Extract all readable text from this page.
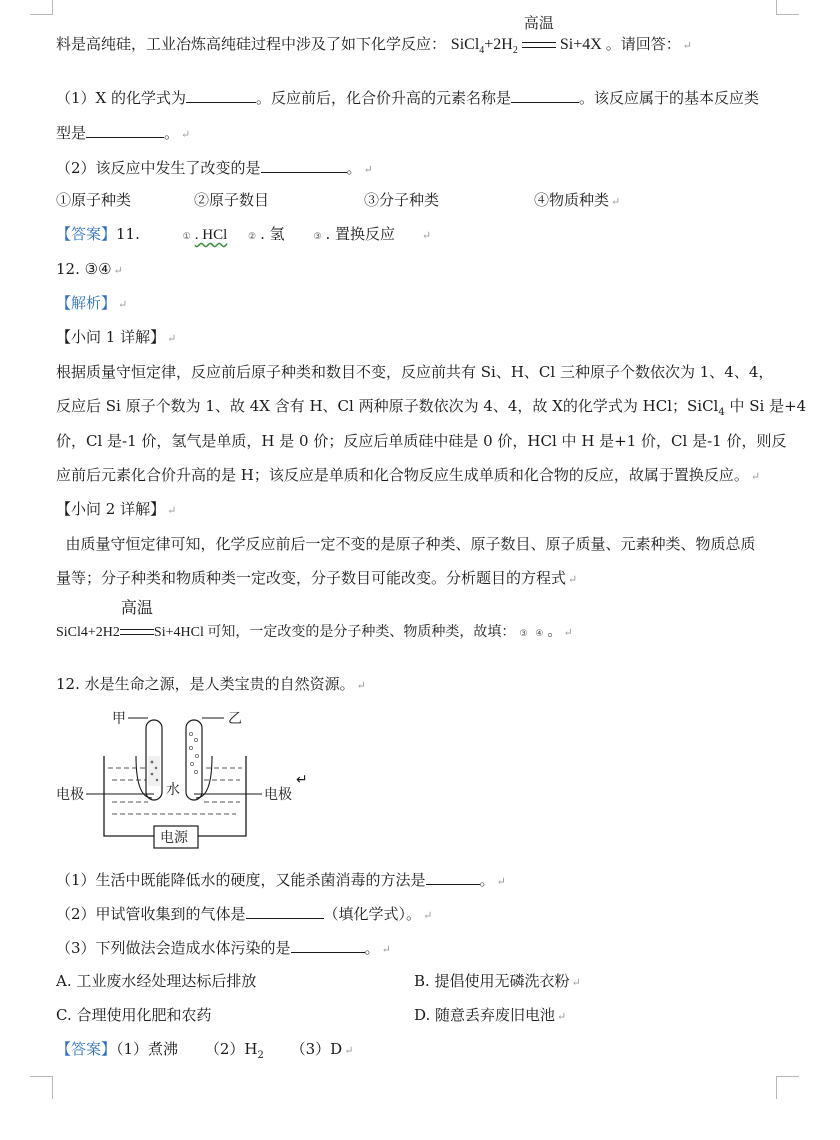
料是高纯硅，工业冶炼高纯硅过程中涉及了如下化学反应： $SiCl_4+2H_2$
高温
Si+4X 。请回答： ↵
（1）X 的化学式为	。反应前后，化合价升高的元素名称是	。该反应属于的基本反应类
型是	。 ↵
（2）该反应中发生了改变的是	。 ↵
①原子种类	②原子数目	③分子种类	④物质种类 ↵
【答案】11.	① . HCl ② . 氢	③ . 置换反应 ↵
12. ③④ ↵
【解析】 ↵
【小问 1 详解】 ↵
根据质量守恒定律，反应前后原子种类和数目不变，反应前共有 Si、H、Cl 三种原子个数依次为 1、4、4，
反应后 Si 原子个数为 1、故 4X 含有 H、Cl 两种原子数依次为 4、4，故 X的化学式为 HCl；SiCl$_4$ 中 Si 是+4
价，Cl 是-1 价，氢气是单质，H 是 0 价；反应后单质硅中硅是 0 价，HCl 中 H 是+1 价，Cl 是-1 价，则反
应前后元素化合价升高的是 H；该反应是单质和化合物反应生成单质和化合物的反应，故属于置换反应。 ↵
【小问 2 详解】 ↵
由质量守恒定律可知，化学反应前后一定不变的是原子种类、原子数目、原子质量、元素种类、物质总质
量等；分子种类和物质种类一定改变，分子数目可能改变。分析题目的方程式 ↵
SiCl4+2H2
高温
Si+4HCl 可知，一定改变的是分子种类、物质种类，故填： ③ ④ 。 ↵
12. 水是生命之源，是人类宝贵的自然资源。 ↵
甲	乙
水
电极	电极
电源
↵
（1）生活中既能降低水的硬度，又能杀菌消毒的方法是	。 ↵
（2）甲试管收集到的气体是	（填化学式）。 ↵
（3）下列做法会造成水体污染的是	。 ↵
A. 工业废水经处理达标后排放	B. 提倡使用无磷洗衣粉 ↵
C. 合理使用化肥和农药	D. 随意丢弃废旧电池 ↵
【答案】（1）煮沸 $(2)H_2$ （3）D ↵
